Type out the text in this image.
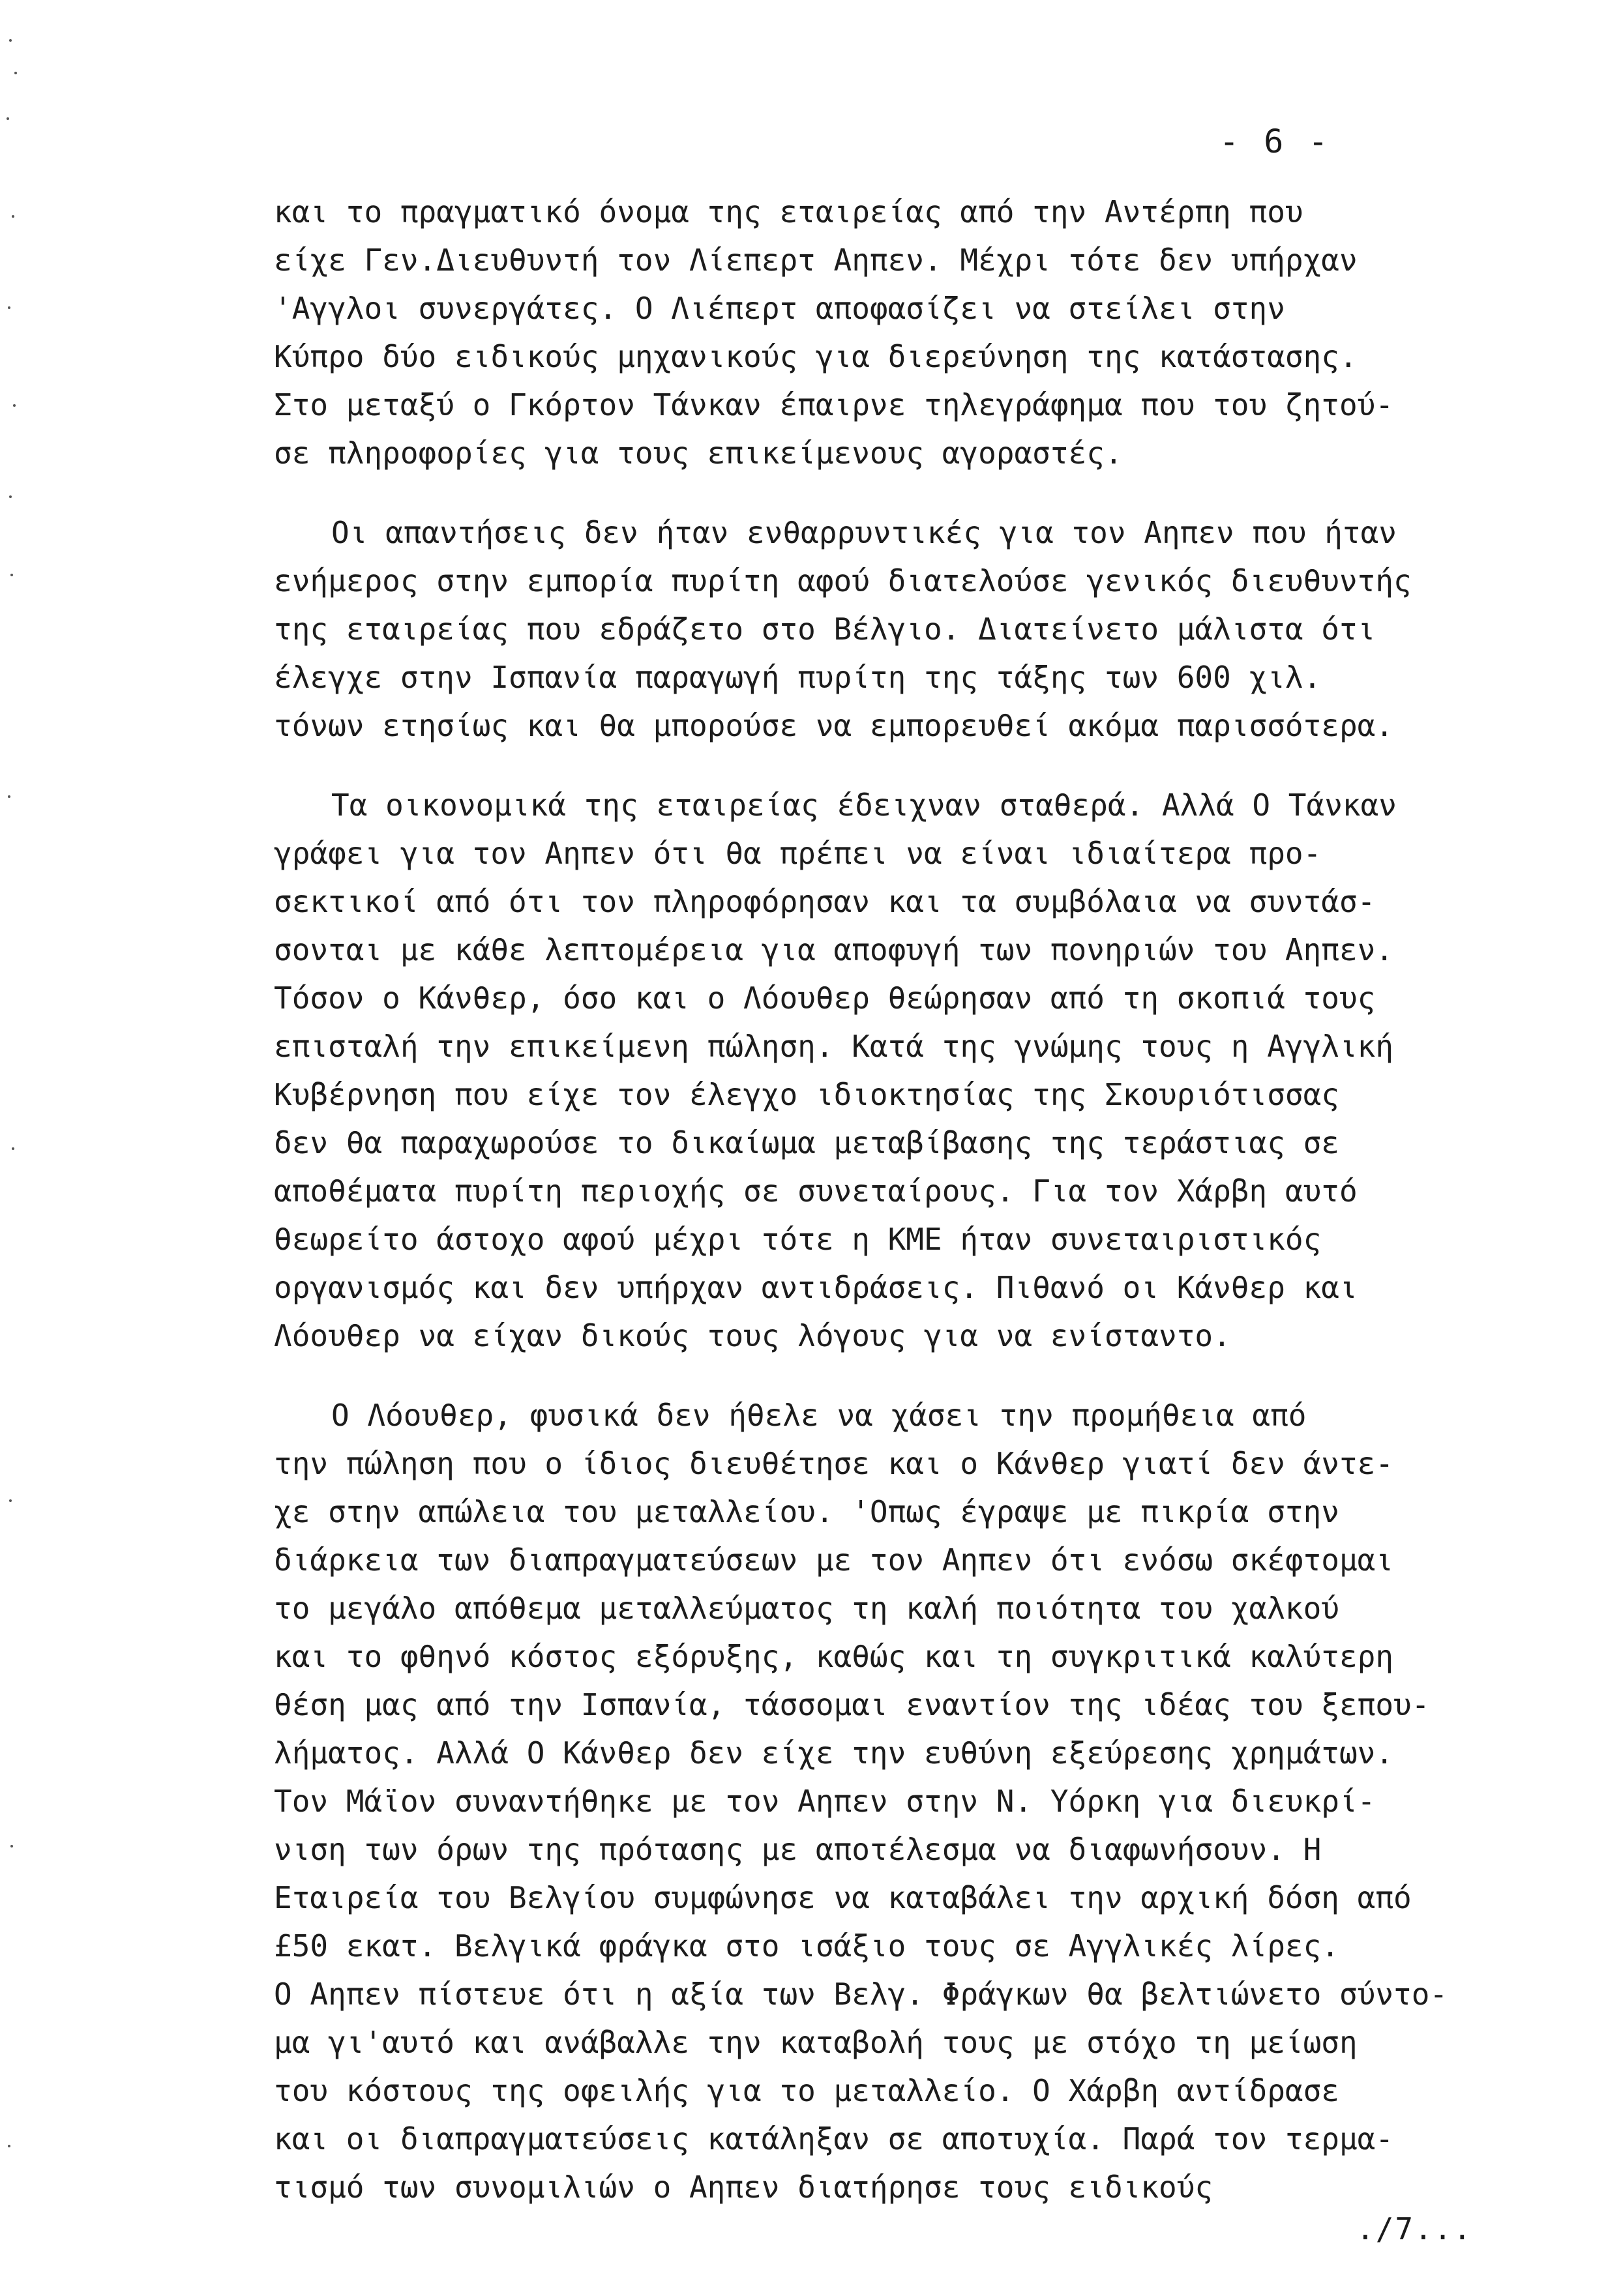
- 6 -
και το πραγματικό όνομα της εταιρείας από την Αντέρπη που
είχε Γεν.Διευθυντή τον Λίεπερτ Αηπεν. Μέχρι τότε δεν υπήρχαν
'Αγγλοι συνεργάτες. Ο Λιέπερτ αποφασίζει να στείλει στην
Κύπρο δύο ειδικούς μηχανικούς για διερεύνηση της κατάστασης.
Στο μεταξύ ο Γκόρτον Τάνκαν έπαιρνε τηλεγράφημα που του ζητού-
σε πληροφορίες για τους επικείμενους αγοραστές.
Οι απαντήσεις δεν ήταν ενθαρρυντικές για τον Αηπεν που ήταν
ενήμερος στην εμπορία πυρίτη αφού διατελούσε γενικός διευθυντής
της εταιρείας που εδράζετο στο Βέλγιο. Διατείνετο μάλιστα ότι
έλεγχε στην Ισπανία παραγωγή πυρίτη της τάξης των 600 χιλ.
τόνων ετησίως και θα μπορούσε να εμπορευθεί ακόμα παρισσότερα.
Τα οικονομικά της εταιρείας έδειχναν σταθερά. Αλλά Ο Τάνκαν
γράφει για τον Αηπεν ότι θα πρέπει να είναι ιδιαίτερα προ-
σεκτικοί από ότι τον πληροφόρησαν και τα συμβόλαια να συντάσ-
σονται με κάθε λεπτομέρεια για αποφυγή των πονηριών του Αηπεν.
Τόσον ο Κάνθερ, όσο και ο Λόουθερ θεώρησαν από τη σκοπιά τους
επισταλή την επικείμενη πώληση. Κατά της γνώμης τους η Αγγλική
Κυβέρνηση που είχε τον έλεγχο ιδιοκτησίας της Σκουριότισσας
δεν θα παραχωρούσε το δικαίωμα μεταβίβασης της τεράστιας σε
αποθέματα πυρίτη περιοχής σε συνεταίρους. Για τον Χάρβη αυτό
θεωρείτο άστοχο αφού μέχρι τότε η ΚΜΕ ήταν συνεταιριστικός
οργανισμός και δεν υπήρχαν αντιδράσεις. Πιθανό οι Κάνθερ και
Λόουθερ να είχαν δικούς τους λόγους για να ενίσταντο.
Ο Λόουθερ, φυσικά δεν ήθελε να χάσει την προμήθεια από
την πώληση που ο ίδιος διευθέτησε και ο Κάνθερ γιατί δεν άντε-
χε στην απώλεια του μεταλλείου. 'Οπως έγραψε με πικρία στην
διάρκεια των διαπραγματεύσεων με τον Αηπεν ότι ενόσω σκέφτομαι
το μεγάλο απόθεμα μεταλλεύματος τη καλή ποιότητα του χαλκού
και το φθηνό κόστος εξόρυξης, καθώς και τη συγκριτικά καλύτερη
θέση μας από την Ισπανία, τάσσομαι εναντίον της ιδέας του ξεπου-
λήματος. Αλλά Ο Κάνθερ δεν είχε την ευθύνη εξεύρεσης χρημάτων.
Τον Μάϊον συναντήθηκε με τον Αηπεν στην Ν. Υόρκη για διευκρί-
νιση των όρων της πρότασης με αποτέλεσμα να διαφωνήσουν. Η
Εταιρεία του Βελγίου συμφώνησε να καταβάλει την αρχική δόση από
£50 εκατ. Βελγικά φράγκα στο ισάξιο τους σε Αγγλικές λίρες.
Ο Αηπεν πίστευε ότι η αξία των Βελγ. Φράγκων θα βελτιώνετο σύντο-
μα γι'αυτό και ανάβαλλε την καταβολή τους με στόχο τη μείωση
του κόστους της οφειλής για το μεταλλείο. Ο Χάρβη αντίδρασε
και οι διαπραγματεύσεις κατάληξαν σε αποτυχία. Παρά τον τερμα-
τισμό των συνομιλιών ο Αηπεν διατήρησε τους ειδικούς
./7...
